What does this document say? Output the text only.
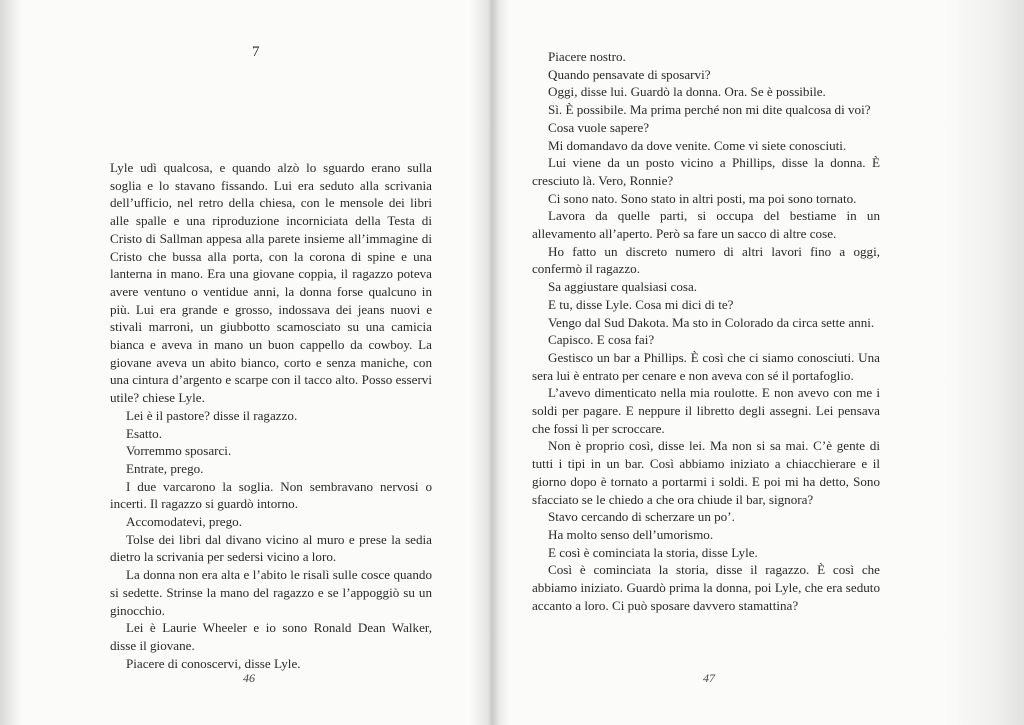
7

Lyle udì qualcosa, e quando alzò lo sguardo erano sulla soglia e lo stavano fissando. Lui era seduto alla scrivania dell’ufficio, nel retro della chiesa, con le mensole dei libri alle spalle e una riproduzione incorniciata della Testa di Cristo di Sallman appesa alla parete insieme all’immagine di Cristo che bussa alla porta, con la corona di spine e una lanterna in mano. Era una giovane coppia, il ragazzo poteva avere ventuno o ventidue anni, la donna forse qualcuno in più. Lui era grande e grosso, indossava dei jeans nuovi e stivali marroni, un giubbotto scamosciato su una camicia bianca e aveva in mano un buon cappello da cowboy. La giovane aveva un abito bianco, corto e senza maniche, con una cintura d’argento e scarpe con il tacco alto. Posso esservi utile? chiese Lyle.

Lei è il pastore? disse il ragazzo.

Esatto.

Vorremmo sposarci.

Entrate, prego.

I due varcarono la soglia. Non sembravano nervosi o incerti. Il ragazzo si guardò intorno.

Accomodatevi, prego.

Tolse dei libri dal divano vicino al muro e prese la sedia dietro la scrivania per sedersi vicino a loro.

La donna non era alta e l’abito le risalì sulle cosce quando si sedette. Strinse la mano del ragazzo e se l’appoggiò su un ginocchio.

Lei è Laurie Wheeler e io sono Ronald Dean Walker, disse il giovane.

Piacere di conoscervi, disse Lyle.

46

Piacere nostro.

Quando pensavate di sposarvi?

Oggi, disse lui. Guardò la donna. Ora. Se è possibile.

Sì. È possibile. Ma prima perché non mi dite qualcosa di voi?

Cosa vuole sapere?

Mi domandavo da dove venite. Come vi siete conosciuti.

Lui viene da un posto vicino a Phillips, disse la donna. È cresciuto là. Vero, Ronnie?

Ci sono nato. Sono stato in altri posti, ma poi sono tornato.

Lavora da quelle parti, si occupa del bestiame in un allevamento all’aperto. Però sa fare un sacco di altre cose.

Ho fatto un discreto numero di altri lavori fino a oggi, confermò il ragazzo.

Sa aggiustare qualsiasi cosa.

E tu, disse Lyle. Cosa mi dici di te?

Vengo dal Sud Dakota. Ma sto in Colorado da circa sette anni.

Capisco. E cosa fai?

Gestisco un bar a Phillips. È così che ci siamo conosciuti. Una sera lui è entrato per cenare e non aveva con sé il portafoglio.

L’avevo dimenticato nella mia roulotte. E non avevo con me i soldi per pagare. E neppure il libretto degli assegni. Lei pensava che fossi lì per scroccare.

Non è proprio così, disse lei. Ma non si sa mai. C’è gente di tutti i tipi in un bar. Così abbiamo iniziato a chiacchierare e il giorno dopo è tornato a portarmi i soldi. E poi mi ha detto, Sono sfacciato se le chiedo a che ora chiude il bar, signora?

Stavo cercando di scherzare un po’.

Ha molto senso dell’umorismo.

E così è cominciata la storia, disse Lyle.

Così è cominciata la storia, disse il ragazzo. È così che abbiamo iniziato. Guardò prima la donna, poi Lyle, che era seduto accanto a loro. Ci può sposare davvero stamattina?

47
